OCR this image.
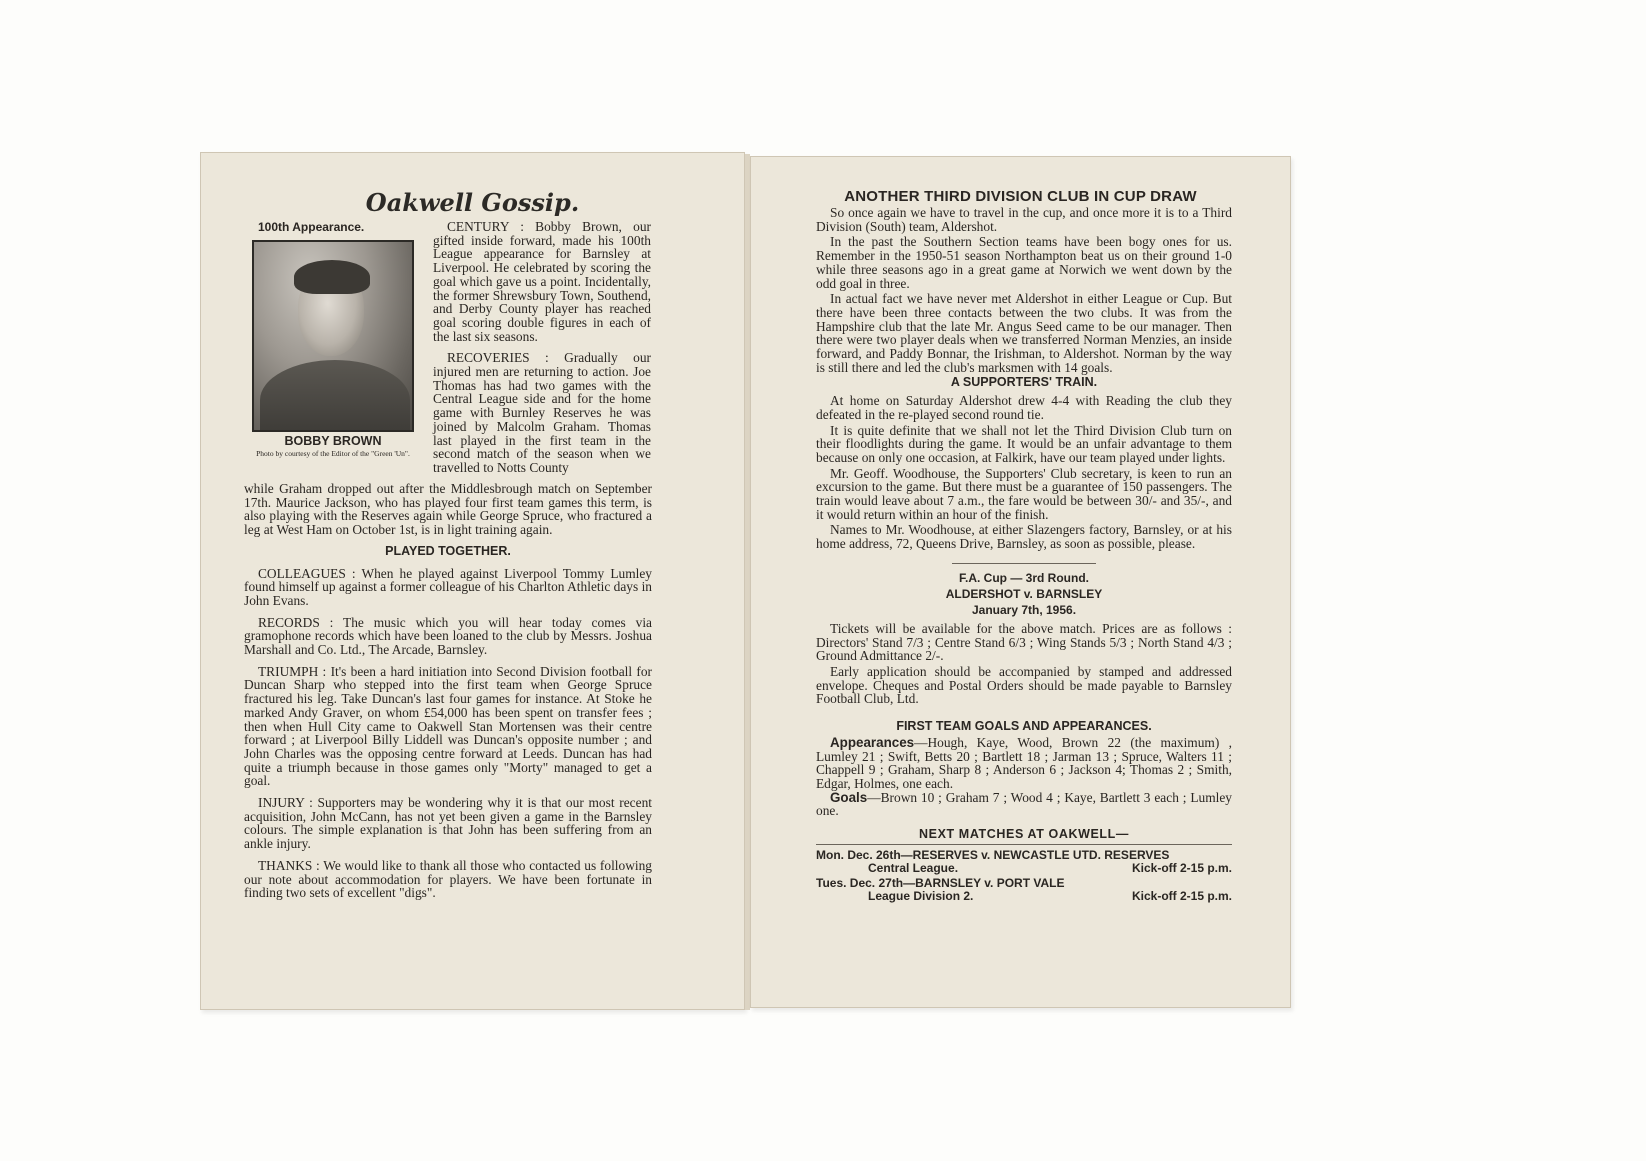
Oakwell Gossip.
100th Appearance.
BOBBY BROWN
Photo by courtesy of the Editor of the "Green 'Un".

CENTURY : Bobby Brown, our gifted inside forward, made his 100th League appearance for Barnsley at Liverpool. He celebrated by scoring the goal which gave us a point. Incidentally, the former Shrewsbury Town, Southend, and Derby County player has reached goal scoring double figures in each of the last six seasons.

RECOVERIES : Gradually our injured men are returning to action. Joe Thomas has had two games with the Central League side and for the home game with Burnley Reserves he was joined by Malcolm Graham. Thomas last played in the first team in the second match of the season when we travelled to Notts County

while Graham dropped out after the Middlesbrough match on September 17th. Maurice Jackson, who has played four first team games this term, is also playing with the Reserves again while George Spruce, who fractured a leg at West Ham on October 1st, is in light training again.

PLAYED TOGETHER.

COLLEAGUES : When he played against Liverpool Tommy Lumley found himself up against a former colleague of his Charlton Athletic days in John Evans.

RECORDS : The music which you will hear today comes via gramophone records which have been loaned to the club by Messrs. Joshua Marshall and Co. Ltd., The Arcade, Barnsley.

TRIUMPH : It's been a hard initiation into Second Division football for Duncan Sharp who stepped into the first team when George Spruce fractured his leg. Take Duncan's last four games for instance. At Stoke he marked Andy Graver, on whom £54,000 has been spent on transfer fees ; then when Hull City came to Oakwell Stan Mortensen was their centre forward ; at Liverpool Billy Liddell was Duncan's opposite number ; and John Charles was the opposing centre forward at Leeds. Duncan has had quite a triumph because in those games only "Morty" managed to get a goal.

INJURY : Supporters may be wondering why it is that our most recent acquisition, John McCann, has not yet been given a game in the Barnsley colours. The simple explanation is that John has been suffering from an ankle injury.

THANKS : We would like to thank all those who contacted us following our note about accommodation for players. We have been fortunate in finding two sets of excellent "digs".

ANOTHER THIRD DIVISION CLUB IN CUP DRAW

So once again we have to travel in the cup, and once more it is to a Third Division (South) team, Aldershot.

In the past the Southern Section teams have been bogy ones for us. Remember in the 1950-51 season Northampton beat us on their ground 1-0 while three seasons ago in a great game at Norwich we went down by the odd goal in three.

In actual fact we have never met Aldershot in either League or Cup. But there have been three contacts between the two clubs. It was from the Hampshire club that the late Mr. Angus Seed came to be our manager. Then there were two player deals when we transferred Norman Menzies, an inside forward, and Paddy Bonnar, the Irishman, to Aldershot. Norman by the way is still there and led the club's marksmen with 14 goals.

A SUPPORTERS' TRAIN.

At home on Saturday Aldershot drew 4-4 with Reading the club they defeated in the re-played second round tie.

It is quite definite that we shall not let the Third Division Club turn on their floodlights during the game. It would be an unfair advantage to them because on only one occasion, at Falkirk, have our team played under lights.

Mr. Geoff. Woodhouse, the Supporters' Club secretary, is keen to run an excursion to the game. But there must be a guarantee of 150 passengers. The train would leave about 7 a.m., the fare would be between 30/- and 35/-, and it would return within an hour of the finish.

Names to Mr. Woodhouse, at either Slazengers factory, Barnsley, or at his home address, 72, Queens Drive, Barnsley, as soon as possible, please.

F.A. Cup — 3rd Round.
ALDERSHOT v. BARNSLEY
January 7th, 1956.

Tickets will be available for the above match. Prices are as follows : Directors' Stand 7/3 ; Centre Stand 6/3 ; Wing Stands 5/3 ; North Stand 4/3 ; Ground Admittance 2/-.

Early application should be accompanied by stamped and addressed envelope. Cheques and Postal Orders should be made payable to Barnsley Football Club, Ltd.

FIRST TEAM GOALS AND APPEARANCES.

Appearances—Hough, Kaye, Wood, Brown 22 (the maximum) , Lumley 21 ; Swift, Betts 20 ; Bartlett 18 ; Jarman 13 ; Spruce, Walters 11 ; Chappell 9 ; Graham, Sharp 8 ; Anderson 6 ; Jackson 4; Thomas 2 ; Smith, Edgar, Holmes, one each.

Goals—Brown 10 ; Graham 7 ; Wood 4 ; Kaye, Bartlett 3 each ; Lumley one.

NEXT MATCHES AT OAKWELL—
Mon. Dec. 26th—RESERVES v. NEWCASTLE UTD. RESERVES
Central League.	Kick-off 2-15 p.m.
Tues. Dec. 27th—BARNSLEY v. PORT VALE
League Division 2.	Kick-off 2-15 p.m.
